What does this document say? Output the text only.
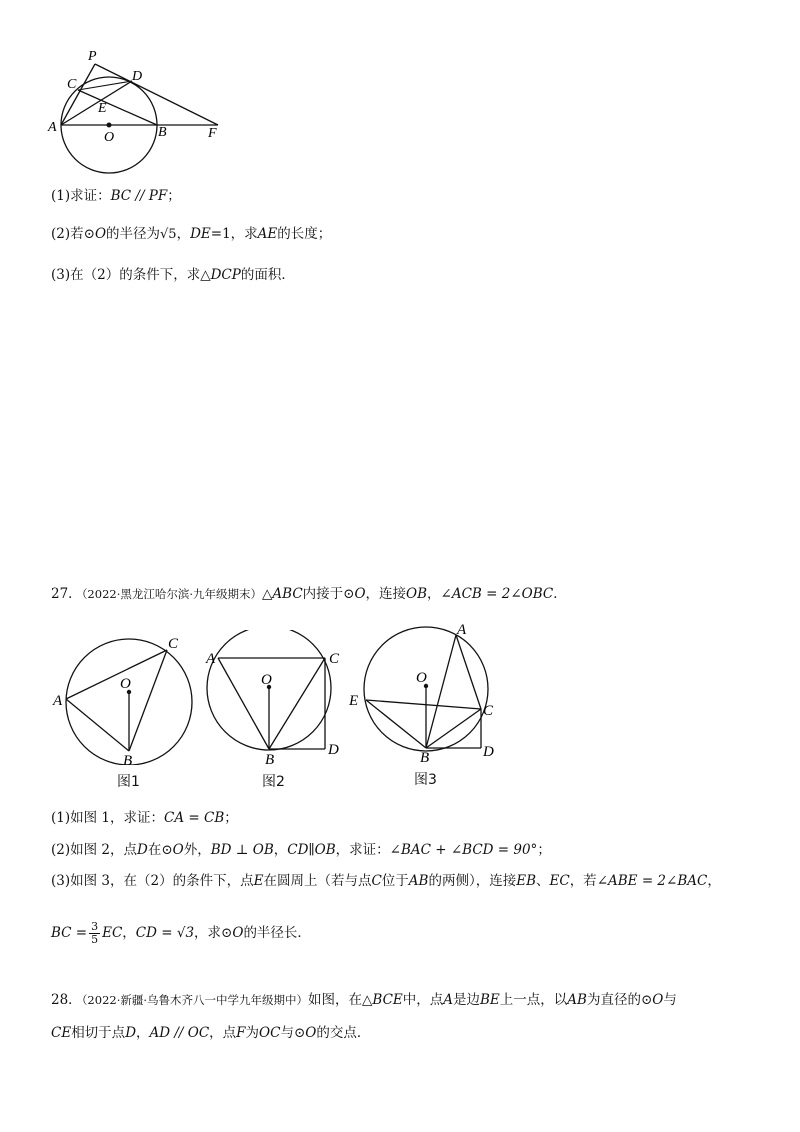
P
C
D
E
A
O	B	F
(1)求证：BC // PF；
(2)若⊙O的半径为√5，DE=1，求AE的长度；
(3)在（2）的条件下，求△DCP的面积．
27．（2022·黑龙江哈尔滨·九年级期末）△ABC内接于⊙O，连接OB，∠ACB = 2∠OBC．
C
A
O
B
图1
A	C
O
B
D
图2
A
O
E
C
B	D
图3
(1)如图 1，求证：CA = CB；
(2)如图 2，点D在⊙O外，BD ⊥ OB，CD∥OB，求证：∠BAC + ∠BCD = 90°；
(3)如图 3，在（2）的条件下，点E在圆周上（若与点C位于AB的两侧），连接EB、EC，若∠ABE = 2∠BAC，
BC = $\frac{3}{5}$ EC，CD = √3，求⊙O的半径长．
28．（2022·新疆·乌鲁木齐八一中学九年级期中）如图，在△BCE中，点A是边BE上一点，以AB为直径的⊙O与
CE相切于点D，AD // OC，点F为OC与⊙O的交点．
